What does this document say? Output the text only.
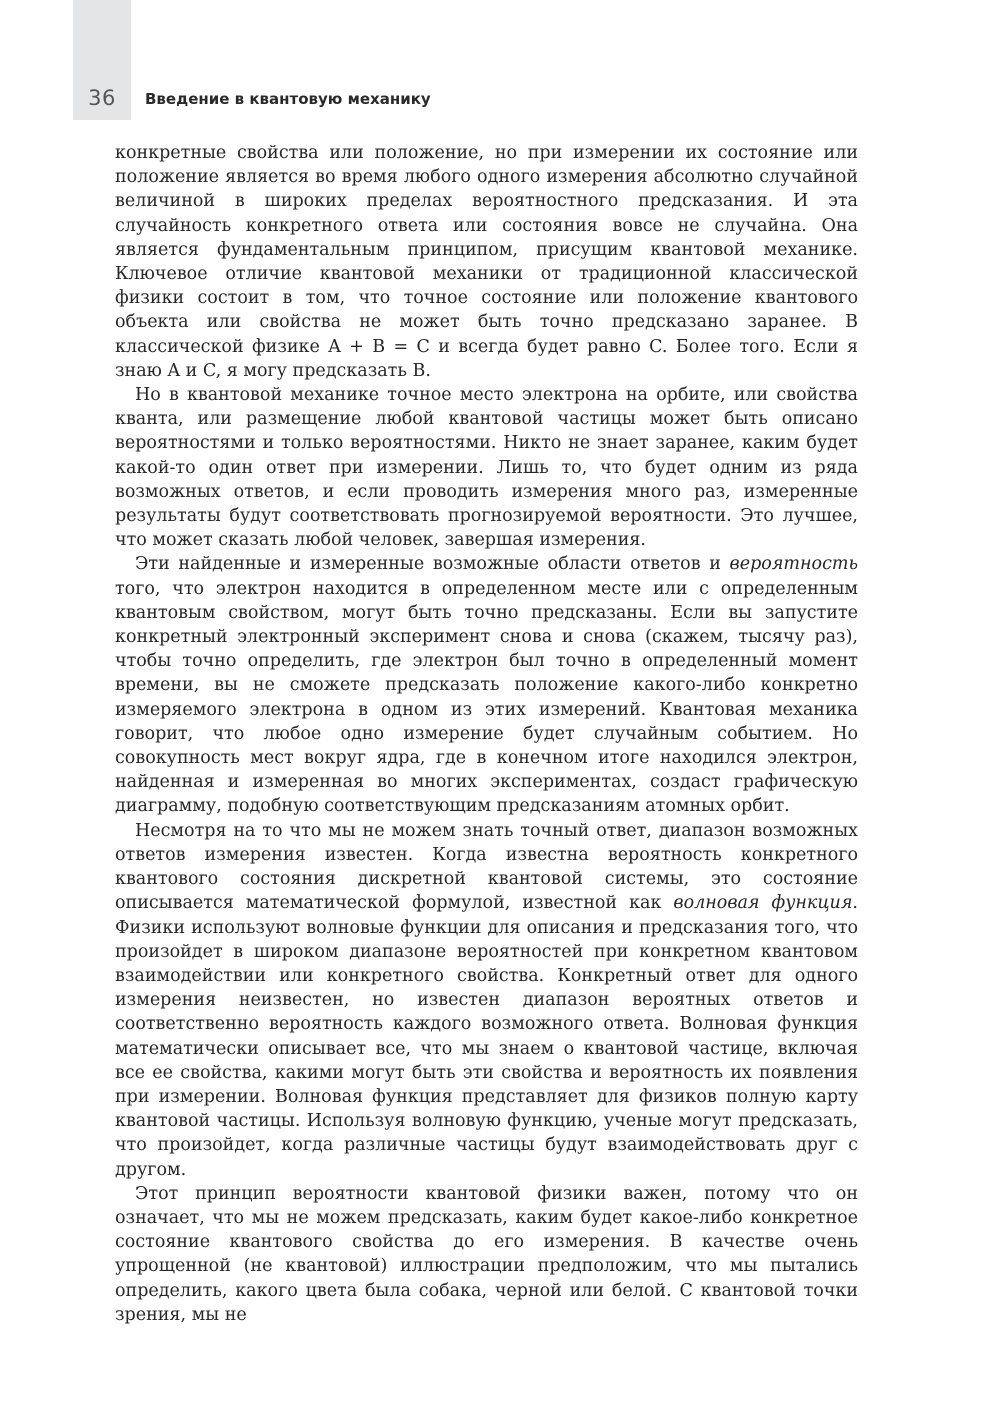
36	Введение в квантовую механику

конкретные свойства или положение, но при измерении их состояние или положение является во время любого одного измерения абсолютно случайной величиной в широких пределах вероятностного предсказания. И эта случайность конкретного ответа или состояния вовсе не случайна. Она является фундаментальным принципом, присущим квантовой механике. Ключевое отличие квантовой механики от традиционной классической физики состоит в том, что точное состояние или положение квантового объекта или свойства не может быть точно предсказано заранее. В классической физике A + B = C и всегда будет равно C. Более того. Если я знаю A и C, я могу предсказать B.

Но в квантовой механике точное место электрона на орбите, или свойства кванта, или размещение любой квантовой частицы может быть описано вероятностями и только вероятностями. Никто не знает заранее, каким будет какой-то один ответ при измерении. Лишь то, что будет одним из ряда возможных ответов, и если проводить измерения много раз, измеренные результаты будут соответствовать прогнозируемой вероятности. Это лучшее, что может сказать любой человек, завершая измерения.

Эти найденные и измеренные возможные области ответов и вероятность того, что электрон находится в определенном месте или с определенным квантовым свойством, могут быть точно предсказаны. Если вы запустите конкретный электронный эксперимент снова и снова (скажем, тысячу раз), чтобы точно определить, где электрон был точно в определенный момент времени, вы не сможете предсказать положение какого-либо конкретно измеряемого электрона в одном из этих измерений. Квантовая механика говорит, что любое одно измерение будет случайным событием. Но совокупность мест вокруг ядра, где в конечном итоге находился электрон, найденная и измеренная во многих экспериментах, создаст графическую диаграмму, подобную соответствующим предсказаниям атомных орбит.

Несмотря на то что мы не можем знать точный ответ, диапазон возможных ответов измерения известен. Когда известна вероятность конкретного квантового состояния дискретной квантовой системы, это состояние описывается математической формулой, известной как волновая функция. Физики используют волновые функции для описания и предсказания того, что произойдет в широком диапазоне вероятностей при конкретном квантовом взаимодействии или конкретного свойства. Конкретный ответ для одного измерения неизвестен, но известен диапазон вероятных ответов и соответственно вероятность каждого возможного ответа. Волновая функция математически описывает все, что мы знаем о квантовой частице, включая все ее свойства, какими могут быть эти свойства и вероятность их появления при измерении. Волновая функция представляет для физиков полную карту квантовой частицы. Используя волновую функцию, ученые могут предсказать, что произойдет, когда различные частицы будут взаимодействовать друг с другом.

Этот принцип вероятности квантовой физики важен, потому что он означает, что мы не можем предсказать, каким будет какое-либо конкретное состояние квантового свойства до его измерения. В качестве очень упрощенной (не квантовой) иллюстрации предположим, что мы пытались определить, какого цвета была собака, черной или белой. С квантовой точки зрения, мы не
